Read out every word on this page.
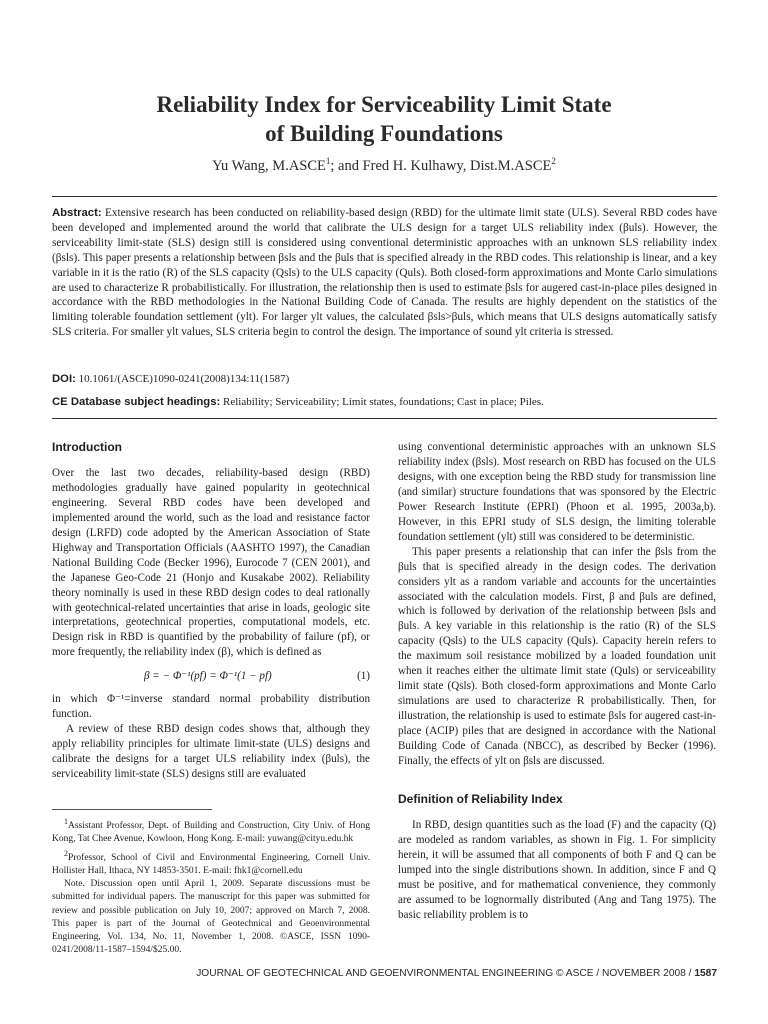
Reliability Index for Serviceability Limit State
of Building Foundations
Yu Wang, M.ASCE$^1$; and Fred H. Kulhawy, Dist.M.ASCE$^2$
Abstract: Extensive research has been conducted on reliability-based design (RBD) for the ultimate limit state (ULS). Several RBD codes have been developed and implemented around the world that calibrate the ULS design for a target ULS reliability index (βuls). However, the serviceability limit-state (SLS) design still is considered using conventional deterministic approaches with an unknown SLS reliability index (βsls). This paper presents a relationship between βsls and the βuls that is specified already in the RBD codes. This relationship is linear, and a key variable in it is the ratio (R) of the SLS capacity (Qsls) to the ULS capacity (Quls). Both closed-form approximations and Monte Carlo simulations are used to characterize R probabilistically. For illustration, the relationship then is used to estimate βsls for augered cast-in-place piles designed in accordance with the RBD methodologies in the National Building Code of Canada. The results are highly dependent on the statistics of the limiting tolerable foundation settlement (ylt). For larger ylt values, the calculated βsls>βuls, which means that ULS designs automatically satisfy SLS criteria. For smaller ylt values, SLS criteria begin to control the design. The importance of sound ylt criteria is stressed.
DOI: 10.1061/(ASCE)1090-0241(2008)134:11(1587)
CE Database subject headings: Reliability; Serviceability; Limit states, foundations; Cast in place; Piles.
Introduction

Over the last two decades, reliability-based design (RBD) methodologies gradually have gained popularity in geotechnical engineering. Several RBD codes have been developed and implemented around the world, such as the load and resistance factor design (LRFD) code adopted by the American Association of State Highway and Transportation Officials (AASHTO 1997), the Canadian National Building Code (Becker 1996), Eurocode 7 (CEN 2001), and the Japanese Geo-Code 21 (Honjo and Kusakabe 2002). Reliability theory nominally is used in these RBD design codes to deal rationally with geotechnical-related uncertainties that arise in loads, geologic site interpretations, geotechnical properties, computational models, etc. Design risk in RBD is quantified by the probability of failure (pf), or more frequently, the reliability index (β), which is defined as

β = − Φ⁻¹(pf) = Φ⁻¹(1 − pf)	(1)

in which Φ⁻¹=inverse standard normal probability distribution function.

A review of these RBD design codes shows that, although they apply reliability principles for ultimate limit-state (ULS) designs and calibrate the designs for a target ULS reliability index (βuls), the serviceability limit-state (SLS) designs still are evaluated

using conventional deterministic approaches with an unknown SLS reliability index (βsls). Most research on RBD has focused on the ULS designs, with one exception being the RBD study for transmission line (and similar) structure foundations that was sponsored by the Electric Power Research Institute (EPRI) (Phoon et al. 1995, 2003a,b). However, in this EPRI study of SLS design, the limiting tolerable foundation settlement (ylt) still was considered to be deterministic.

This paper presents a relationship that can infer the βsls from the βuls that is specified already in the design codes. The derivation considers ylt as a random variable and accounts for the uncertainties associated with the calculation models. First, β and βuls are defined, which is followed by derivation of the relationship between βsls and βuls. A key variable in this relationship is the ratio (R) of the SLS capacity (Qsls) to the ULS capacity (Quls). Capacity herein refers to the maximum soil resistance mobilized by a loaded foundation unit when it reaches either the ultimate limit state (Quls) or serviceability limit state (Qsls). Both closed-form approximations and Monte Carlo simulations are used to characterize R probabilistically. Then, for illustration, the relationship is used to estimate βsls for augered cast-in-place (ACIP) piles that are designed in accordance with the National Building Code of Canada (NBCC), as described by Becker (1996). Finally, the effects of ylt on βsls are discussed.

Definition of Reliability Index

In RBD, design quantities such as the load (F) and the capacity (Q) are modeled as random variables, as shown in Fig. 1. For simplicity herein, it will be assumed that all components of both F and Q can be lumped into the single distributions shown. In addition, since F and Q must be positive, and for mathematical convenience, they commonly are assumed to be lognormally distributed (Ang and Tang 1975). The basic reliability problem is to

$^1$Assistant Professor, Dept. of Building and Construction, City Univ. of Hong Kong, Tat Chee Avenue, Kowloon, Hong Kong. E-mail: yuwang@cityu.edu.hk

$^2$Professor, School of Civil and Environmental Engineering, Cornell Univ. Hollister Hall, Ithaca, NY 14853-3501. E-mail: fhk1@cornell.edu

Note. Discussion open until April 1, 2009. Separate discussions must be submitted for individual papers. The manuscript for this paper was submitted for review and possible publication on July 10, 2007; approved on March 7, 2008. This paper is part of the Journal of Geotechnical and Geoenvironmental Engineering, Vol. 134, No. 11, November 1, 2008. ©ASCE, ISSN 1090-0241/2008/11-1587–1594/$25.00.

JOURNAL OF GEOTECHNICAL AND GEOENVIRONMENTAL ENGINEERING © ASCE / NOVEMBER 2008 / 1587
